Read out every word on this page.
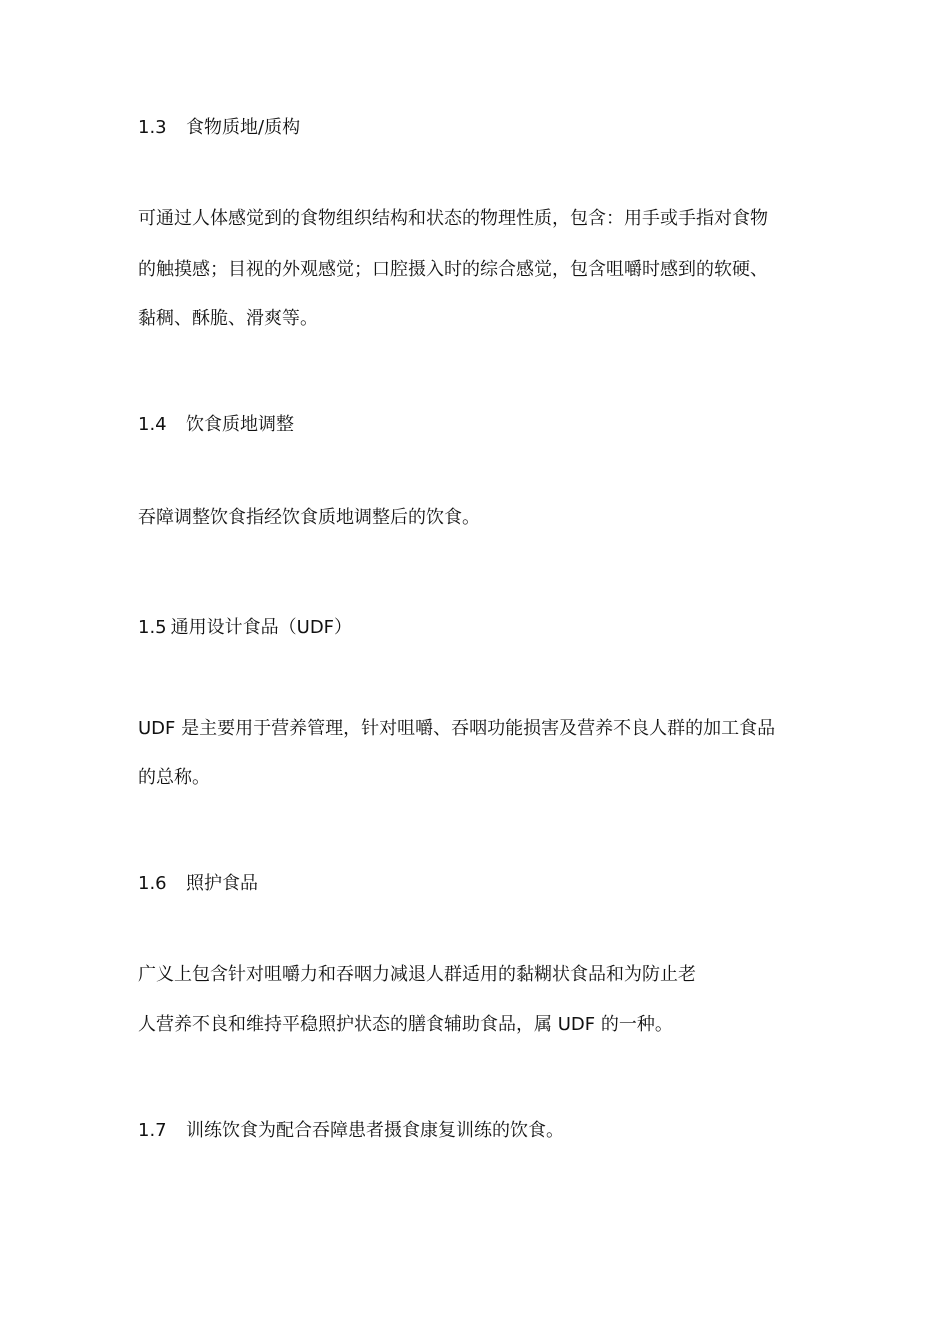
1.3 食物质地/质构
可通过人体感觉到的食物组织结构和状态的物理性质，包含：用手或手指对食物
的触摸感；目视的外观感觉；口腔摄入时的综合感觉，包含咀嚼时感到的软硬、
黏稠、酥脆、滑爽等。
1.4 饮食质地调整
吞障调整饮食指经饮食质地调整后的饮食。
1.5 通用设计食品（UDF）
UDF 是主要用于营养管理，针对咀嚼、吞咽功能损害及营养不良人群的加工食品
的总称。
1.6 照护食品
广义上包含针对咀嚼力和吞咽力减退人群适用的黏糊状食品和为防止老
人营养不良和维持平稳照护状态的膳食辅助食品，属 UDF 的一种。
1.7 训练饮食为配合吞障患者摄食康复训练的饮食。
